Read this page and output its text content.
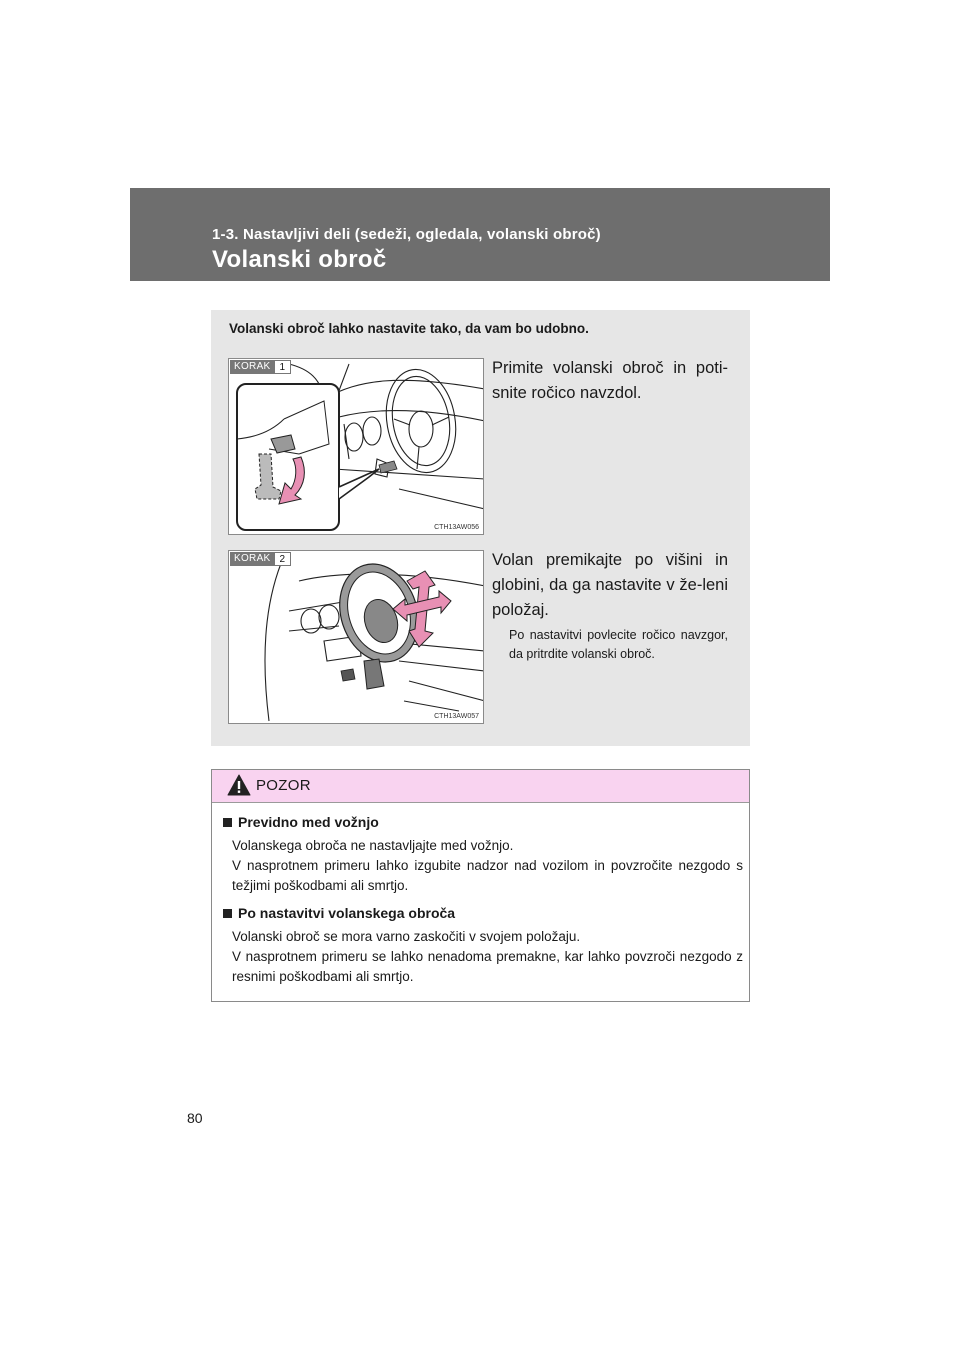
1-3. Nastavljivi deli (sedeži, ogledala, volanski obroč)
Volanski obroč
Volanski obroč lahko nastavite tako, da vam bo udobno.
KORAK 1
CTH13AW056
Primite volanski obroč in poti-snite ročico navzdol.
KORAK 2
CTH13AW057
Volan premikajte po višini in globini, da ga nastavite v že-leni položaj.
Po nastavitvi povlecite ročico navzgor, da pritrdite volanski obroč.
POZOR
Previdno med vožnjo
Volanskega obroča ne nastavljajte med vožnjo.
V nasprotnem primeru lahko izgubite nadzor nad vozilom in povzročite nezgodo s težjimi poškodbami ali smrtjo.
Po nastavitvi volanskega obroča
Volanski obroč se mora varno zaskočiti v svojem položaju.
V nasprotnem primeru se lahko nenadoma premakne, kar lahko povzroči nezgodo z resnimi poškodbami ali smrtjo.
80
